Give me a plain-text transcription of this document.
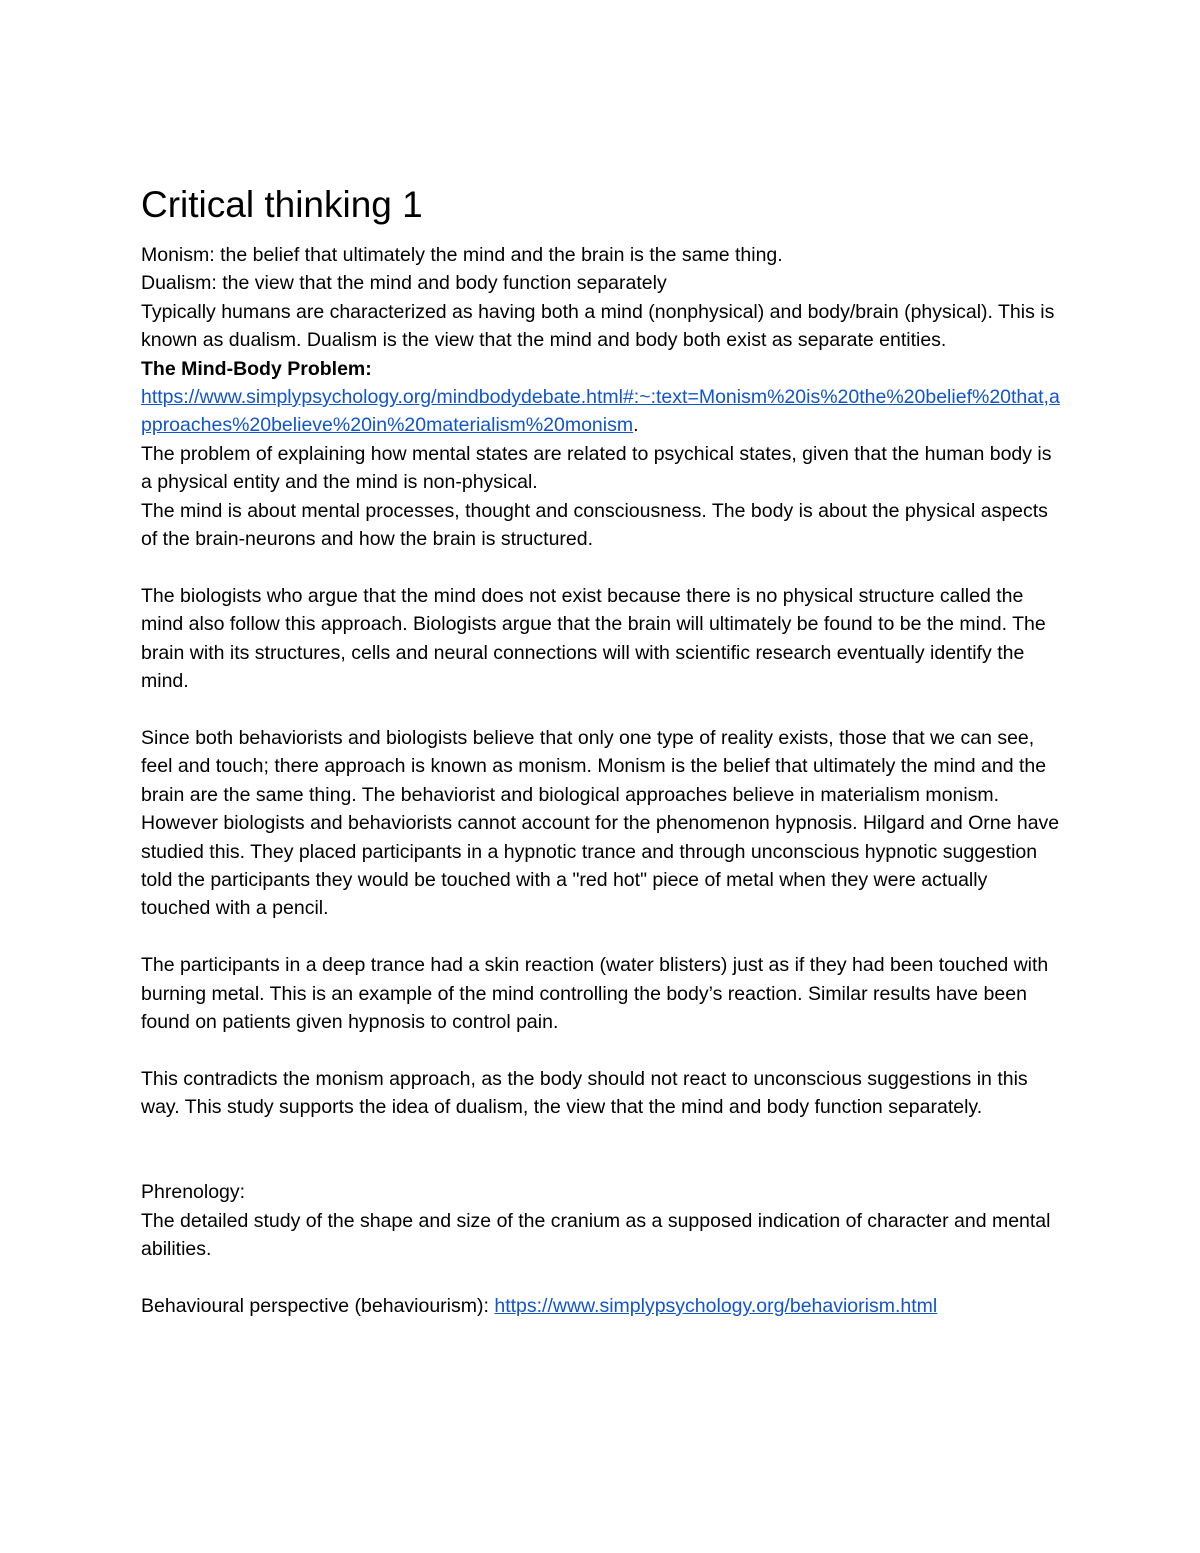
Critical thinking 1

Monism: the belief that ultimately the mind and the brain is the same thing.

Dualism: the view that the mind and body function separately

Typically humans are characterized as having both a mind (nonphysical) and body/brain (physical). This is known as dualism. Dualism is the view that the mind and body both exist as separate entities.

The Mind-Body Problem:

https://www.simplypsychology.org/mindbodydebate.html#:~:text=Monism%20is%20the%20belief%20that,approaches%20believe%20in%20materialism%20monism.

The problem of explaining how mental states are related to psychical states, given that the human body is a physical entity and the mind is non-physical.

The mind is about mental processes, thought and consciousness. The body is about the physical aspects of the brain-neurons and how the brain is structured.

The biologists who argue that the mind does not exist because there is no physical structure called the mind also follow this approach. Biologists argue that the brain will ultimately be found to be the mind. The brain with its structures, cells and neural connections will with scientific research eventually identify the mind.

Since both behaviorists and biologists believe that only one type of reality exists, those that we can see, feel and touch; there approach is known as monism. Monism is the belief that ultimately the mind and the brain are the same thing. The behaviorist and biological approaches believe in materialism monism.

However biologists and behaviorists cannot account for the phenomenon hypnosis. Hilgard and Orne have studied this. They placed participants in a hypnotic trance and through unconscious hypnotic suggestion told the participants they would be touched with a "red hot" piece of metal when they were actually touched with a pencil.

The participants in a deep trance had a skin reaction (water blisters) just as if they had been touched with burning metal. This is an example of the mind controlling the body’s reaction. Similar results have been found on patients given hypnosis to control pain.

This contradicts the monism approach, as the body should not react to unconscious suggestions in this way. This study supports the idea of dualism, the view that the mind and body function separately.

Phrenology:

The detailed study of the shape and size of the cranium as a supposed indication of character and mental abilities.

Behavioural perspective (behaviourism): https://www.simplypsychology.org/behaviorism.html
